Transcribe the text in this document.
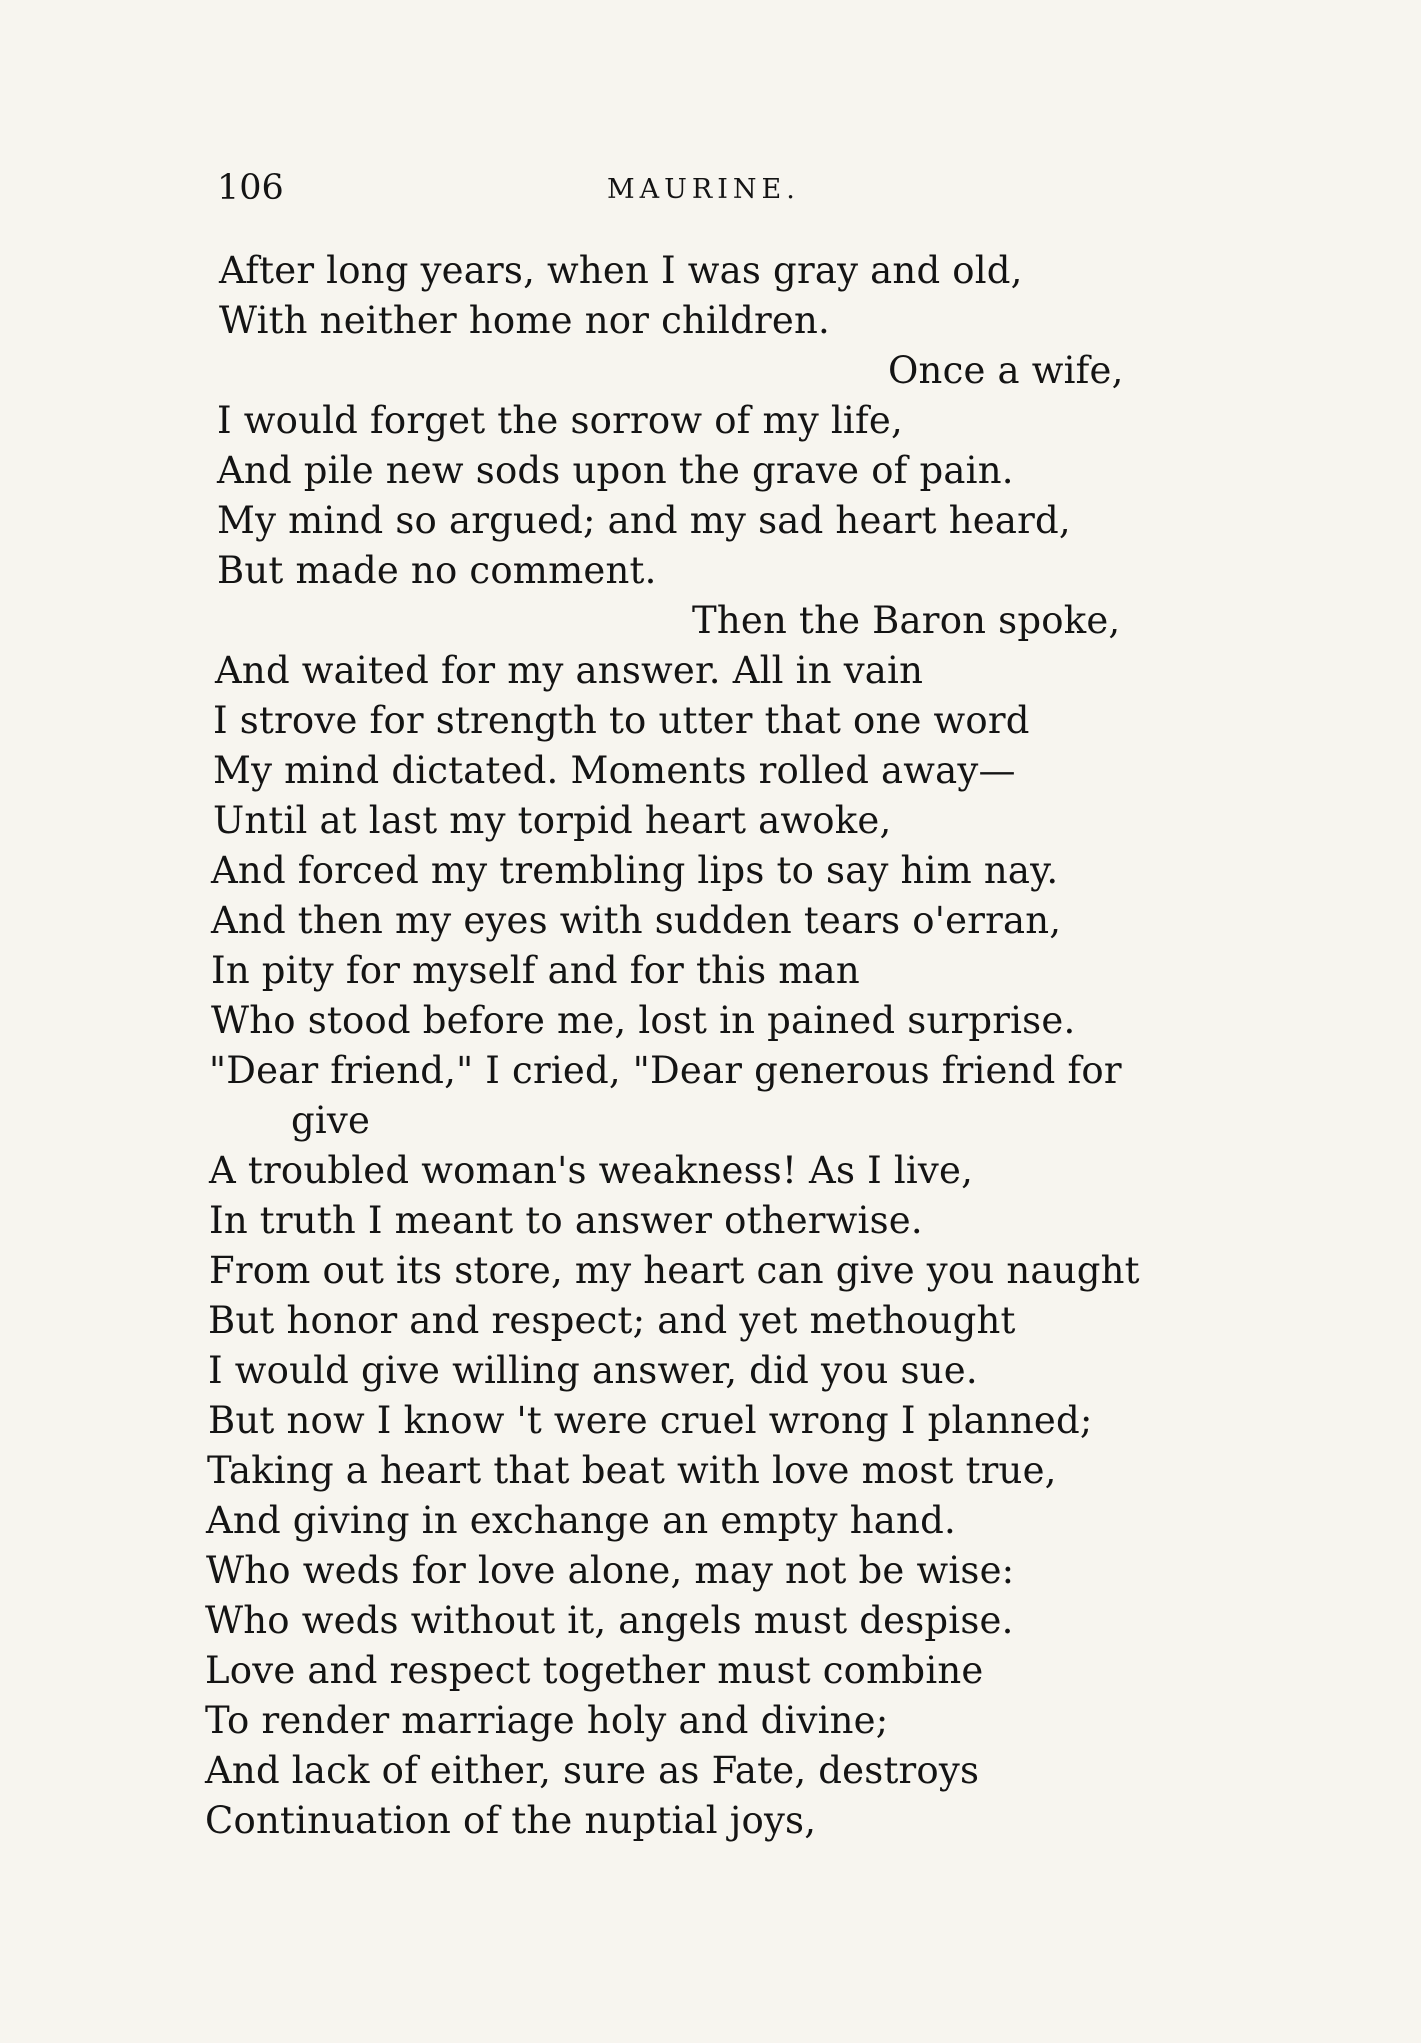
106	MAURINE.
After long years, when I was gray and old,
With neither home nor children.
Once a wife,
I would forget the sorrow of my life,
And pile new sods upon the grave of pain.
My mind so argued; and my sad heart heard,
But made no comment.
Then the Baron spoke,
And waited for my answer. All in vain
I strove for strength to utter that one word
My mind dictated. Moments rolled away—
Until at last my torpid heart awoke,
And forced my trembling lips to say him nay.
And then my eyes with sudden tears o'erran,
In pity for myself and for this man
Who stood before me, lost in pained surprise.
"Dear friend," I cried, "Dear generous friend for
give
A troubled woman's weakness! As I live,
In truth I meant to answer otherwise.
From out its store, my heart can give you naught
But honor and respect; and yet methought
I would give willing answer, did you sue.
But now I know 't were cruel wrong I planned;
Taking a heart that beat with love most true,
And giving in exchange an empty hand.
Who weds for love alone, may not be wise:
Who weds without it, angels must despise.
Love and respect together must combine
To render marriage holy and divine;
And lack of either, sure as Fate, destroys
Continuation of the nuptial joys,
